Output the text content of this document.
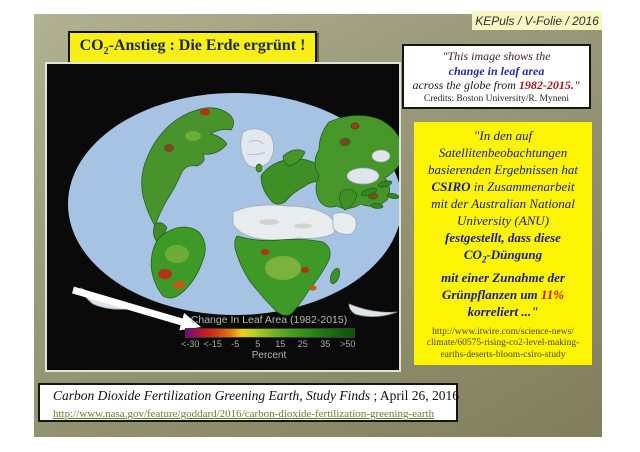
KEPuls / V-Folie / 2016
$CO_2$-Anstieg : Die Erde ergrünt !
Change In Leaf Area (1982-2015)
<-30 <-15	-5	5	15	25	35	>50
Percent
"This image shows the
change in leaf area
across the globe from 1982-2015."
Credits: Boston University/R. Myneni
"In den auf
Satellitenbeobachtungen
basierenden Ergebnissen hat
CSIRO in Zusammenarbeit
mit der Australian National
University (ANU)
festgestellt, dass diese
$CO_2$-Düngung
mit einer Zunahme der
Grünpflanzen um 11%
korreliert ..."
http://www.itwire.com/science-news/
climate/60575-rising-co2-level-making-
earths-deserts-bloom-csiro-study
Carbon Dioxide Fertilization Greening Earth, Study Finds ; April 26, 2016
http://www.nasa.gov/feature/goddard/2016/carbon-dioxide-fertilization-greening-earth
